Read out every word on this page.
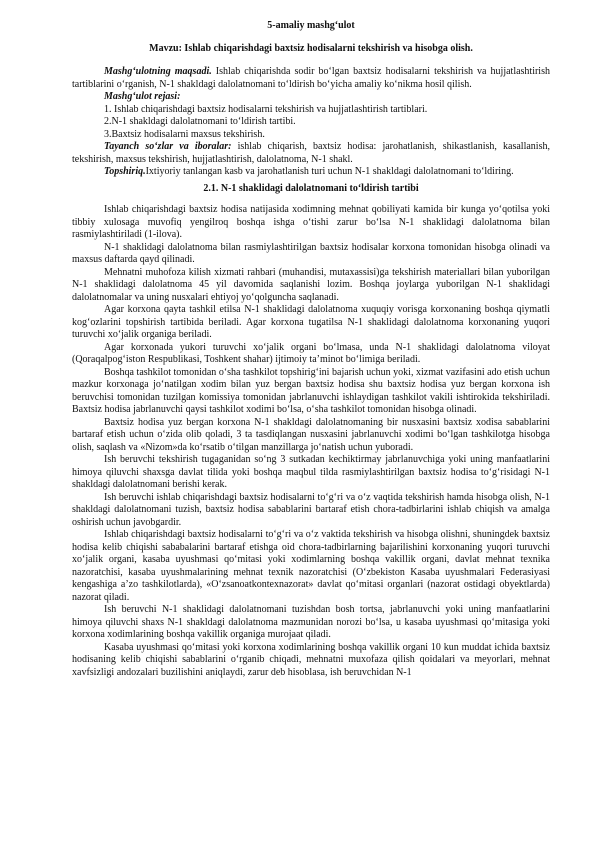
5-amaliy mashg‘ulot
Mavzu: Ishlab chiqarishdagi baxtsiz hodisalarni tekshirish va hisobga olish.
Mashg‘ulotning maqsadi. Ishlab chiqarishda sodir bo‘lgan baxtsiz hodisalarni tekshirish va hujjatlashtirish tartiblarini o‘rganish, N-1 shakldagi dalolatnomani to‘ldirish bo‘yicha amaliy ko‘nikma hosil qilish.
Mashg‘ulot rejasi:
1. Ishlab chiqarishdagi baxtsiz hodisalarni tekshirish va hujjatlashtirish tartiblari.
2.N-1 shakldagi dalolatnomani to‘ldirish tartibi.
3.Baxtsiz hodisalarni maxsus tekshirish.
Tayanch so‘zlar va iboralar: ishlab chiqarish, baxtsiz hodisa: jarohatlanish, shikastlanish, kasallanish, tekshirish, maxsus tekshirish, hujjatlashtirish, dalolatnoma, N-1 shakl.
Topshiriq.Ixtiyoriy tanlangan kasb va jarohatlanish turi uchun N-1 shakldagi dalolatnomani to‘ldiring.
2.1. N-1 shaklidagi dalolatnomani to‘ldirish tartibi

Ishlab chiqarishdagi baxtsiz hodisa natijasida xodimning mehnat qobiliyati kamida bir kunga yo‘qotilsa yoki tibbiy xulosaga muvofiq yengilroq boshqa ishga o‘tishi zarur bo‘lsa N-1 shaklidagi dalolatnoma bilan rasmiylashtiriladi (1-ilova).

N-1 shaklidagi dalolatnoma bilan rasmiylashtirilgan baxtsiz hodisalar korxona tomonidan hisobga olinadi va maxsus daftarda qayd qilinadi.

Mehnatni muhofoza kilish xizmati rahbari (muhandisi, mutaxassisi)ga tekshirish materiallari bilan yuborilgan N-1 shaklidagi dalolatnoma 45 yil davomida saqlanishi lozim. Boshqa joylarga yuborilgan N-1 shaklidagi dalolatnomalar va uning nusxalari ehtiyoj yo‘qolguncha saqlanadi.

Agar korxona qayta tashkil etilsa N-1 shaklidagi dalolatnoma xuquqiy vorisga korxonaning boshqa qiymatli kog‘ozlarini topshirish tartibida beriladi. Agar korxona tugatilsa N-1 shaklidagi dalolatnoma korxonaning yuqori turuvchi xo‘jalik organiga beriladi.

Agar korxonada yukori turuvchi xo‘jalik organi bo‘lmasa, unda N-1 shaklidagi dalolatnoma viloyat (Qoraqalpog‘iston Respublikasi, Toshkent shahar) ijtimoiy ta’minot bo‘limiga beriladi.

Boshqa tashkilot tomonidan o‘sha tashkilot topshirig‘ini bajarish uchun yoki, xizmat vazifasini ado etish uchun mazkur korxonaga jo‘natilgan xodim bilan yuz bergan baxtsiz hodisa shu baxtsiz hodisa yuz bergan korxona ish beruvchisi tomonidan tuzilgan komissiya tomonidan jabrlanuvchi ishlaydigan tashkilot vakili ishtirokida tekshiriladi. Baxtsiz hodisa jabrlanuvchi qaysi tashkilot xodimi bo‘lsa, o‘sha tashkilot tomonidan hisobga olinadi.

Baxtsiz hodisa yuz bergan korxona N-1 shakldagi dalolatnomaning bir nusxasini baxtsiz xodisa sabablarini bartaraf etish uchun o‘zida olib qoladi, 3 ta tasdiqlangan nusxasini jabrlanuvchi xodimi bo‘lgan tashkilotga hisobga olish, saqlash va «Nizom»da ko‘rsatib o‘tilgan manzillarga jo‘natish uchun yuboradi.

Ish beruvchi tekshirish tugaganidan so‘ng 3 sutkadan kechiktirmay jabrlanuvchiga yoki uning manfaatlarini himoya qiluvchi shaxsga davlat tilida yoki boshqa maqbul tilda rasmiylashtirilgan baxtsiz hodisa to‘g‘risidagi N-1 shakldagi dalolatnomani berishi kerak.

Ish beruvchi ishlab chiqarishdagi baxtsiz hodisalarni to‘g‘ri va o‘z vaqtida tekshirish hamda hisobga olish, N-1 shakldagi dalolatnomani tuzish, baxtsiz hodisa sabablarini bartaraf etish chora-tadbirlarini ishlab chiqish va amalga oshirish uchun javobgardir.

Ishlab chiqarishdagi baxtsiz hodisalarni to‘g‘ri va o‘z vaktida tekshirish va hisobga olishni, shuningdek baxtsiz hodisa kelib chiqishi sababalarini bartaraf etishga oid chora-tadbirlarning bajarilishini korxonaning yuqori turuvchi xo‘jalik organi, kasaba uyushmasi qo‘mitasi yoki xodimlarning boshqa vakillik organi, davlat mehnat texnika nazoratchisi, kasaba uyushmalarining mehnat texnik nazoratchisi (O‘zbekiston Kasaba uyushmalari Federasiyasi kengashiga a’zo tashkilotlarda), «O‘zsanoatkontexnazorat» davlat qo‘mitasi organlari (nazorat ostidagi obyektlarda) nazorat qiladi.

Ish beruvchi N-1 shaklidagi dalolatnomani tuzishdan bosh tortsa, jabrlanuvchi yoki uning manfaatlarini himoya qiluvchi shaxs N-1 shakldagi dalolatnoma mazmunidan norozi bo‘lsa, u kasaba uyushmasi qo‘mitasiga yoki korxona xodimlarining boshqa vakillik organiga murojaat qiladi.

Kasaba uyushmasi qo‘mitasi yoki korxona xodimlarining boshqa vakillik organi 10 kun muddat ichida baxtsiz hodisaning kelib chiqishi sabablarini o‘rganib chiqadi, mehnatni muxofaza qilish qoidalari va meyorlari, mehnat xavfsizligi andozalari buzilishini aniqlaydi, zarur deb hisoblasa, ish beruvchidan N-1
